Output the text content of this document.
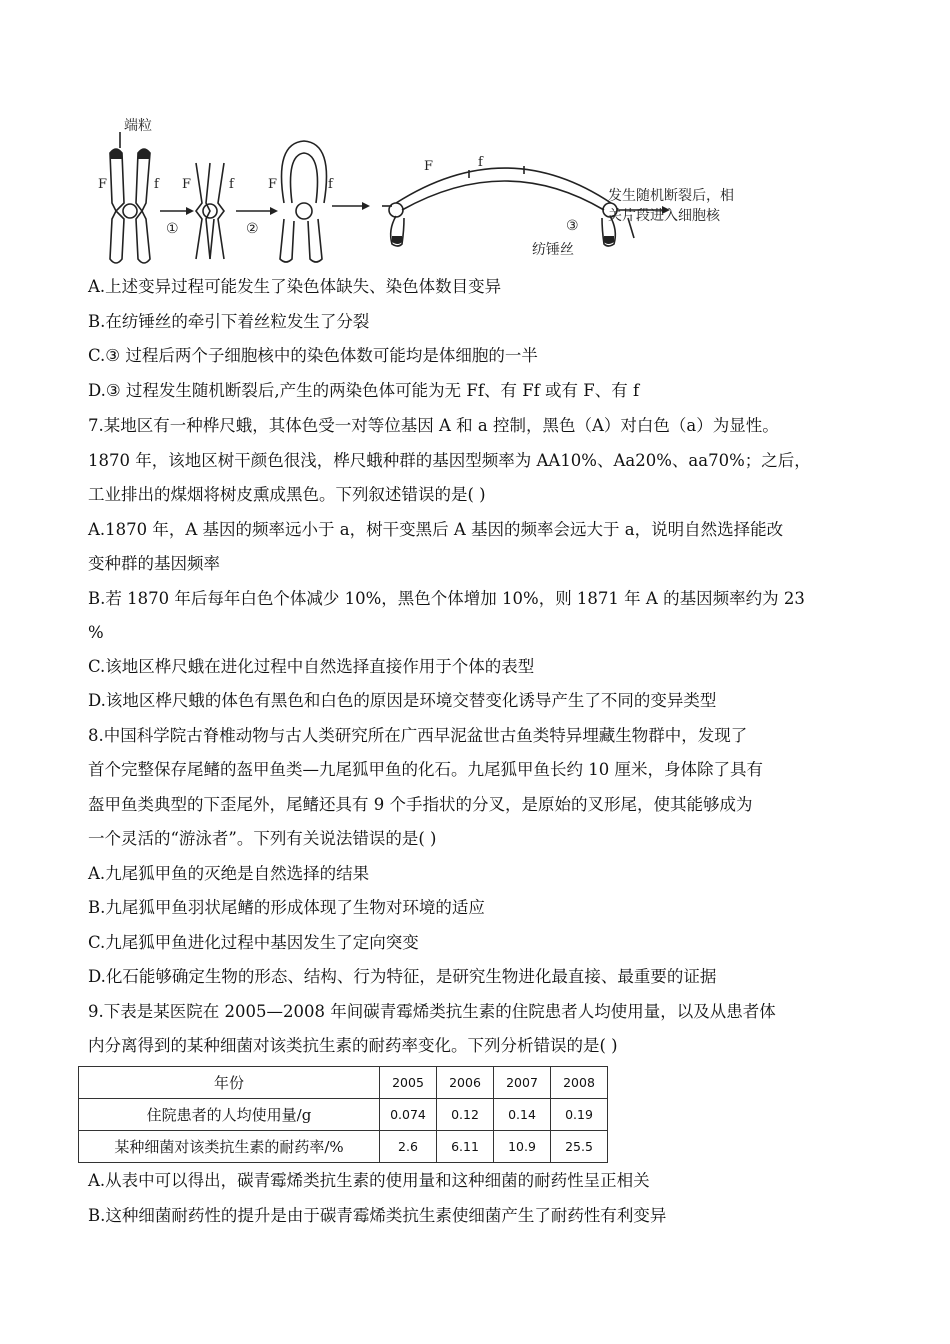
端粒
F	f F	f	F	f
F	f
①	②	③
纺锤丝
发生随机断裂后，相
关片段进入细胞核
A.上述变异过程可能发生了染色体缺失、染色体数目变异
B.在纺锤丝的牵引下着丝粒发生了分裂
C.③ 过程后两个子细胞核中的染色体数可能均是体细胞的一半
D.③ 过程发生随机断裂后,产生的两染色体可能为无 Ff、有 Ff 或有 F、有 f
7.某地区有一种桦尺蛾，其体色受一对等位基因 A 和 a 控制，黑色（A）对白色（a）为显性。
1870 年，该地区树干颜色很浅，桦尺蛾种群的基因型频率为 AA10%、Aa20%、aa70%；之后，
工业排出的煤烟将树皮熏成黑色。下列叙述错误的是( )
A.1870 年，A 基因的频率远小于 a，树干变黑后 A 基因的频率会远大于 a，说明自然选择能改
变种群的基因频率
B.若 1870 年后每年白色个体减少 10%，黑色个体增加 10%，则 1871 年 A 的基因频率约为 23
%
C.该地区桦尺蛾在进化过程中自然选择直接作用于个体的表型
D.该地区桦尺蛾的体色有黑色和白色的原因是环境交替变化诱导产生了不同的变异类型
8.中国科学院古脊椎动物与古人类研究所在广西早泥盆世古鱼类特异埋藏生物群中，发现了
首个完整保存尾鳍的盔甲鱼类—九尾狐甲鱼的化石。九尾狐甲鱼长约 10 厘米，身体除了具有
盔甲鱼类典型的下歪尾外，尾鳍还具有 9 个手指状的分叉，是原始的叉形尾，使其能够成为
一个灵活的“游泳者”。下列有关说法错误的是( )
A.九尾狐甲鱼的灭绝是自然选择的结果
B.九尾狐甲鱼羽状尾鳍的形成体现了生物对环境的适应
C.九尾狐甲鱼进化过程中基因发生了定向突变
D.化石能够确定生物的形态、结构、行为特征，是研究生物进化最直接、最重要的证据
9.下表是某医院在 2005—2008 年间碳青霉烯类抗生素的住院患者人均使用量，以及从患者体
内分离得到的某种细菌对该类抗生素的耐药率变化。下列分析错误的是( )
年份	2005	2006	2007	2008
住院患者的人均使用量/g	0.074	0.12	0.14	0.19
某种细菌对该类抗生素的耐药率/%	2.6	6.11	10.9	25.5
A.从表中可以得出，碳青霉烯类抗生素的使用量和这种细菌的耐药性呈正相关
B.这种细菌耐药性的提升是由于碳青霉烯类抗生素使细菌产生了耐药性有利变异
